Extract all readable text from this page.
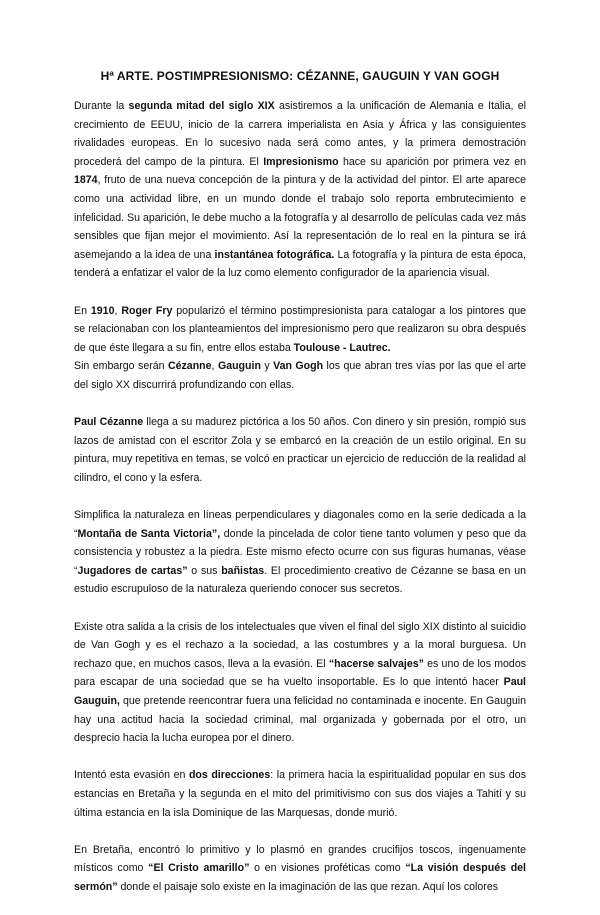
Hª ARTE. POSTIMPRESIONISMO: CÉZANNE, GAUGUIN Y VAN GOGH

Durante la segunda mitad del siglo XIX asistiremos a la unificación de Alemania e Italia, el crecimiento de EEUU, inicio de la carrera imperialista en Asia y África y las consiguientes rivalidades europeas. En lo sucesivo nada será como antes, y la primera demostración procederá del campo de la pintura. El Impresionismo hace su aparición por primera vez en 1874, fruto de una nueva concepción de la pintura y de la actividad del pintor. El arte aparece como una actividad libre, en un mundo donde el trabajo solo reporta embrutecimiento e infelicidad. Su aparición, le debe mucho a la fotografía y al desarrollo de películas cada vez más sensibles que fijan mejor el movimiento. Así la representación de lo real en la pintura se irá asemejando a la idea de una instantánea fotográfica. La fotografía y la pintura de esta época, tenderá a enfatizar el valor de la luz como elemento configurador de la apariencia visual.

En 1910, Roger Fry popularizó el término postimpresionista para catalogar a los pintores que se relacionaban con los planteamientos del impresionismo pero que realizaron su obra después de que éste llegara a su fin, entre ellos estaba Toulouse - Lautrec.

Sin embargo serán Cézanne, Gauguin y Van Gogh los que abran tres vías por las que el arte del siglo XX discurrirá profundizando con ellas.

Paul Cézanne llega a su madurez pictórica a los 50 años. Con dinero y sin presión, rompió sus lazos de amistad con el escritor Zola y se embarcó en la creación de un estilo original. En su pintura, muy repetitiva en temas, se volcó en practicar un ejercicio de reducción de la realidad al cilindro, el cono y la esfera.

Simplifica la naturaleza en líneas perpendiculares y diagonales como en la serie dedicada a la “Montaña de Santa Victoria”, donde la pincelada de color tiene tanto volumen y peso que da consistencia y robustez a la piedra. Este mismo efecto ocurre con sus figuras humanas, véase “Jugadores de cartas” o sus bañistas. El procedimiento creativo de Cézanne se basa en un estudio escrupuloso de la naturaleza queriendo conocer sus secretos.

Existe otra salida a la crisis de los intelectuales que viven el final del siglo XIX distinto al suicidio de Van Gogh y es el rechazo a la sociedad, a las costumbres y a la moral burguesa. Un rechazo que, en muchos casos, lleva a la evasión. El “hacerse salvajes” es uno de los modos para escapar de una sociedad que se ha vuelto insoportable. Es lo que intentó hacer Paul Gauguin, que pretende reencontrar fuera una felicidad no contaminada e inocente. En Gauguin hay una actitud hacia la sociedad criminal, mal organizada y gobernada por el otro, un desprecio hacia la lucha europea por el dinero.

Intentó esta evasión en dos direcciones: la primera hacia la espiritualidad popular en sus dos estancias en Bretaña y la segunda en el mito del primitivismo con sus dos viajes a Tahití y su última estancia en la isla Dominique de las Marquesas, donde murió.

En Bretaña, encontró lo primitivo y lo plasmó en grandes crucifijos toscos, ingenuamente místicos como “El Cristo amarillo” o en visiones proféticas como “La visión después del sermón” donde el paisaje solo existe en la imaginación de las que rezan. Aquí los colores
